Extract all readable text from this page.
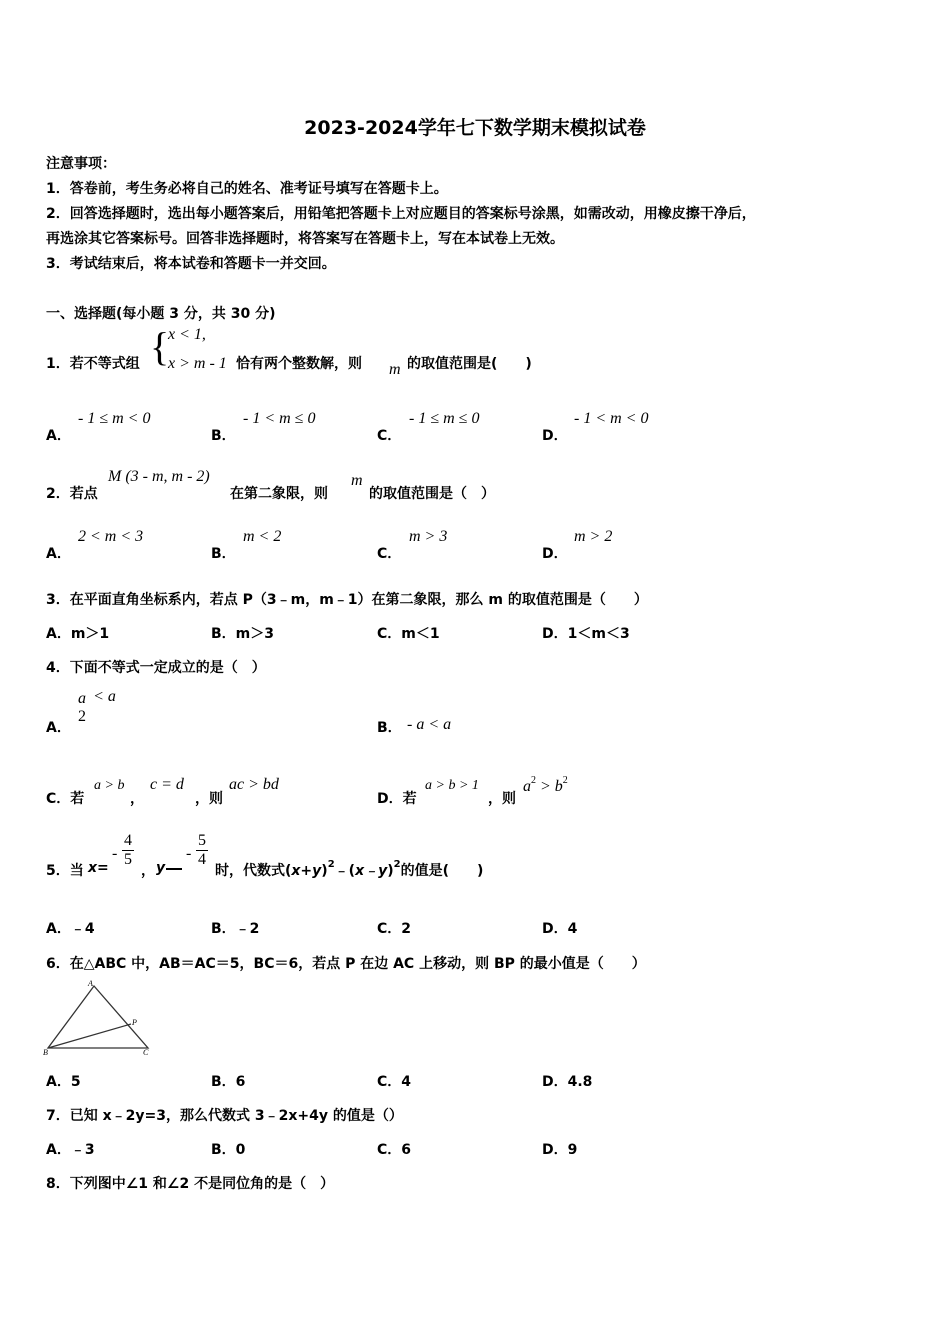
2023-2024学年七下数学期末模拟试卷
注意事项：
1．答卷前，考生务必将自己的姓名、准考证号填写在答题卡上。
2．回答选择题时，选出每小题答案后，用铅笔把答题卡上对应题目的答案标号涂黑，如需改动，用橡皮擦干净后，
再选涂其它答案标号。回答非选择题时，将答案写在答题卡上，写在本试卷上无效。
3．考试结束后，将本试卷和答题卡一并交回。
一、选择题(每小题 3 分，共 30 分)
1．若不等式组 {
x < 1,
x > m - 1 恰有两个整数解，则 m 的取值范围是(　　)
A．
- 1 ≤ m < 0
B．
- 1 < m ≤ 0
C．
- 1 ≤ m ≤ 0
D．
- 1 < m < 0
2．若点
M (3 - m, m - 2)
在第二象限，则
m
的取值范围是（　）
A．
2 < m < 3
B．
m < 2
C．
m > 3
D．
m > 2
3．在平面直角坐标系内，若点 P（3﹣m，m﹣1）在第二象限，那么 m 的取值范围是（　　）
A．m＞1	B．m＞3	C．m＜1	D．1＜m＜3
4．下面不等式一定成立的是（　）
A．
a
2
< a
B． - a < a
C．若
a > b
，
c = d
，则
ac > bd
D．若
a > b > 1
，则
$a^2 > b^2$
5．当 x=
- $\frac{4}{5}$
， y
- $\frac{5}{4}$
时，代数式$(x+y)^2﹣(x﹣y)^2$的值是(　　)
A．﹣4	B．﹣2	C．2	D．4
6．在△ABC 中，AB＝AC＝5，BC＝6，若点 P 在边 AC 上移动，则 BP 的最小值是（　　）
A
P
B	C
A．5	B．6	C．4	D．4.8
7．已知 x﹣2y=3，那么代数式 3﹣2x+4y 的值是（）
A．﹣3	B．0	C．6	D．9
8．下列图中∠1 和∠2 不是同位角的是（　）
